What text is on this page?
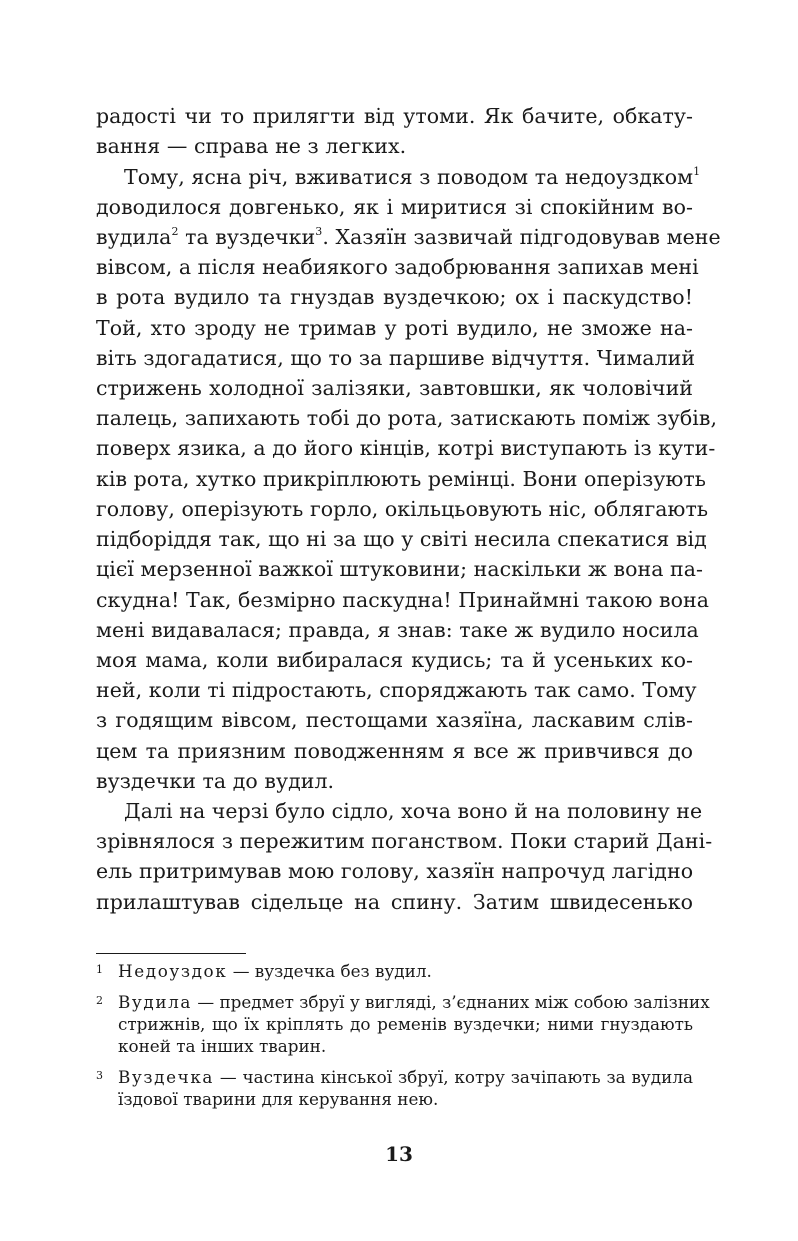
радості чи то прилягти від утоми. Як бачите, обкату-
вання — справа не з легких.
Тому, ясна річ, вживатися з поводом та недоуздком$^1$
доводилося довгенько, як і миритися зі спокійним во-
вудила$^2$ та вуздечки$^3$. Хазяїн зазвичай підгодовував мене
вівсом, а після неабиякого задобрювання запихав мені
в рота вудило та гнуздав вуздечкою; ох і паскудство!
Той, хто зроду не тримав у роті вудило, не зможе на-
віть здогадатися, що то за паршиве відчуття. Чималий
стрижень холодної залізяки, завтовшки, як чоловічий
палець, запихають тобі до рота, затискають поміж зубів,
поверх язика, а до його кінців, котрі виступають із кути-
ків рота, хутко прикріплюють ремінці. Вони оперізують
голову, оперізують горло, окільцьовують ніс, облягають
підборіддя так, що ні за що у світі несила спекатися від
цієї мерзенної важкої штуковини; наскільки ж вона па-
скудна! Так, безмірно паскудна! Принаймні такою вона
мені видавалася; правда, я знав: таке ж вудило носила
моя мама, коли вибиралася кудись; та й усеньких ко-
ней, коли ті підростають, споряджають так само. Тому
з годящим вівсом, пестощами хазяїна, ласкавим слів-
цем та приязним поводженням я все ж привчився до
вуздечки та до вудил.
Далі на черзі було сідло, хоча воно й на половину не
зрівнялося з пережитим поганством. Поки старий Дані-
ель притримував мою голову, хазяїн напрочуд лагідно
прилаштував сідельце на спину. Затим швидесенько
1 Недоуздок — вуздечка без вудил.
2 Вудила — предмет збруї у вигляді, з’єднаних між собою залізних
стрижнів, що їх кріплять до ременів вуздечки; ними гнуздають
коней та інших тварин.
3 Вуздечка — частина кінської збруї, котру зачіпають за вудила
їздової тварини для керування нею.
13
